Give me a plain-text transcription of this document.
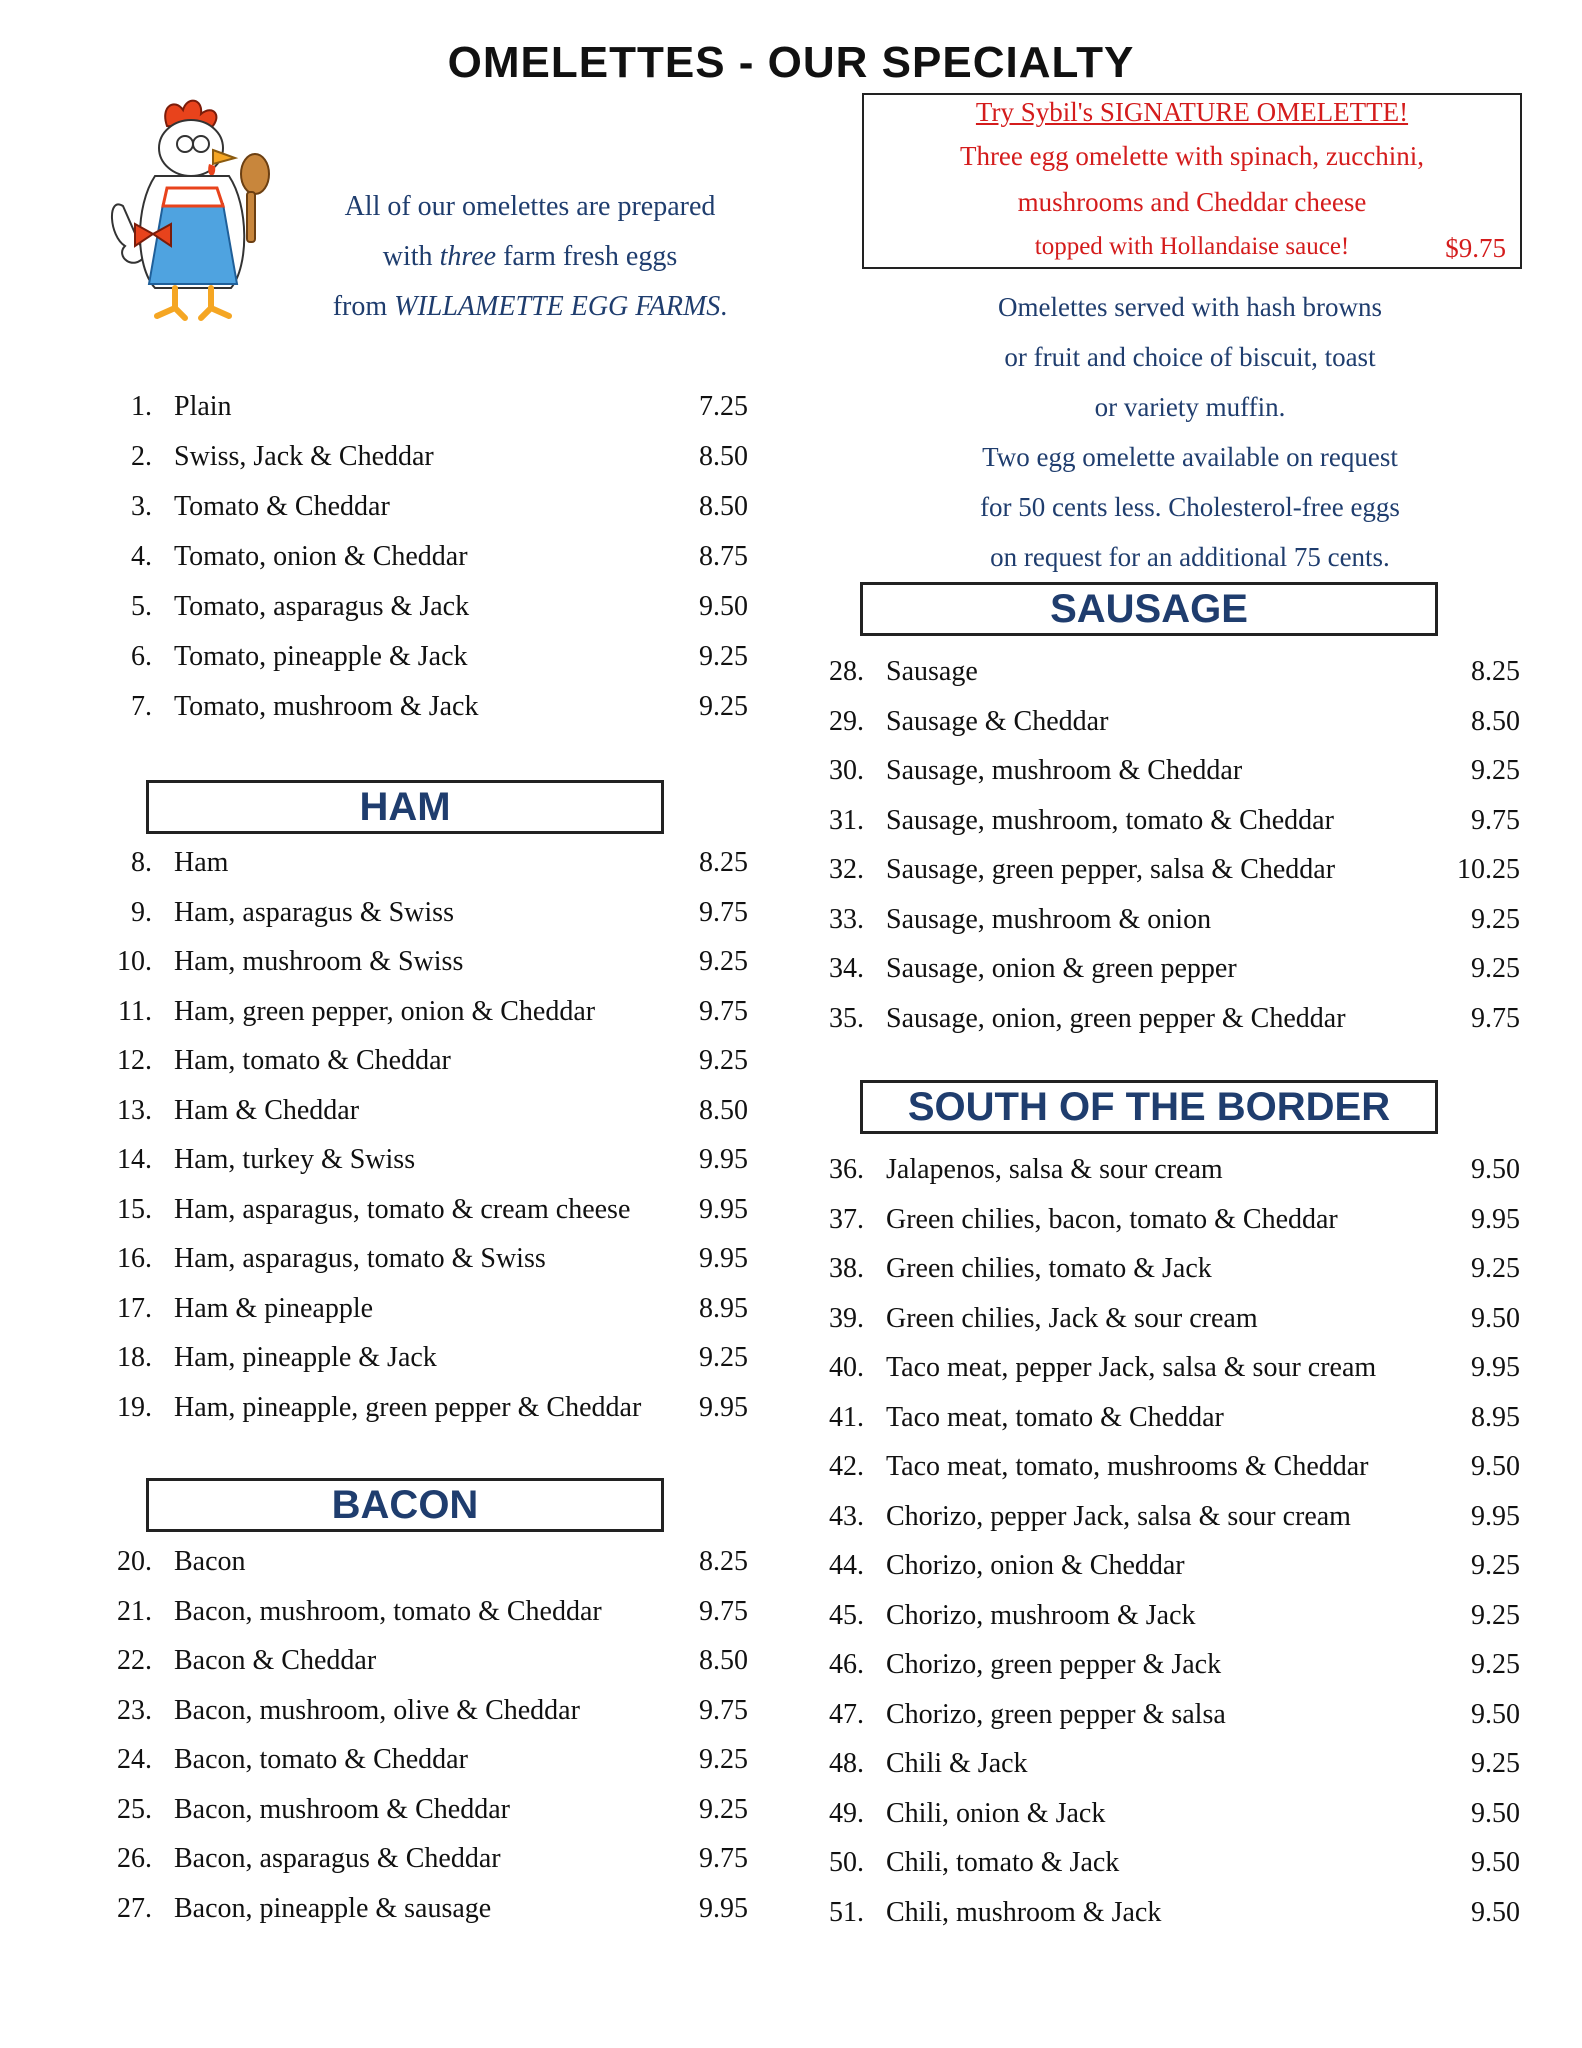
OMELETTES - OUR SPECIALTY
All of our omelettes are prepared
with three farm fresh eggs
from WILLAMETTE EGG FARMS.
Try Sybil's SIGNATURE OMELETTE!
Three egg omelette with spinach, zucchini,
mushrooms and Cheddar cheese
topped with Hollandaise sauce!	$9.75
Omelettes served with hash browns
or fruit and choice of biscuit, toast
or variety muffin.
Two egg omelette available on request
for 50 cents less. Cholesterol-free eggs
on request for an additional 75 cents.
HAM
BACON
SAUSAGE
SOUTH OF THE BORDER
1. Plain	7.25
2. Swiss, Jack & Cheddar	8.50
3. Tomato & Cheddar	8.50
4. Tomato, onion & Cheddar	8.75
5. Tomato, asparagus & Jack	9.50
6. Tomato, pineapple & Jack	9.25
7. Tomato, mushroom & Jack	9.25
8. Ham	8.25
9. Ham, asparagus & Swiss	9.75
10. Ham, mushroom & Swiss	9.25
11. Ham, green pepper, onion & Cheddar	9.75
12. Ham, tomato & Cheddar	9.25
13. Ham & Cheddar	8.50
14. Ham, turkey & Swiss	9.95
15. Ham, asparagus, tomato & cream cheese 9.95
16. Ham, asparagus, tomato & Swiss	9.95
17. Ham & pineapple	8.95
18. Ham, pineapple & Jack	9.25
19. Ham, pineapple, green pepper & Cheddar 9.95
20. Bacon	8.25
21. Bacon, mushroom, tomato & Cheddar	9.75
22. Bacon & Cheddar	8.50
23. Bacon, mushroom, olive & Cheddar	9.75
24. Bacon, tomato & Cheddar	9.25
25. Bacon, mushroom & Cheddar	9.25
26. Bacon, asparagus & Cheddar	9.75
27. Bacon, pineapple & sausage	9.95
28. Sausage	8.25
29. Sausage & Cheddar	8.50
30. Sausage, mushroom & Cheddar	9.25
31. Sausage, mushroom, tomato & Cheddar	9.75
32. Sausage, green pepper, salsa & Cheddar	10.25
33. Sausage, mushroom & onion	9.25
34. Sausage, onion & green pepper	9.25
35. Sausage, onion, green pepper & Cheddar	9.75
36. Jalapenos, salsa & sour cream	9.50
37. Green chilies, bacon, tomato & Cheddar	9.95
38. Green chilies, tomato & Jack	9.25
39. Green chilies, Jack & sour cream	9.50
40. Taco meat, pepper Jack, salsa & sour cream	9.95
41. Taco meat, tomato & Cheddar	8.95
42. Taco meat, tomato, mushrooms & Cheddar	9.50
43. Chorizo, pepper Jack, salsa & sour cream	9.95
44. Chorizo, onion & Cheddar	9.25
45. Chorizo, mushroom & Jack	9.25
46. Chorizo, green pepper & Jack	9.25
47. Chorizo, green pepper & salsa	9.50
48. Chili & Jack	9.25
49. Chili, onion & Jack	9.50
50. Chili, tomato & Jack	9.50
51. Chili, mushroom & Jack	9.50
